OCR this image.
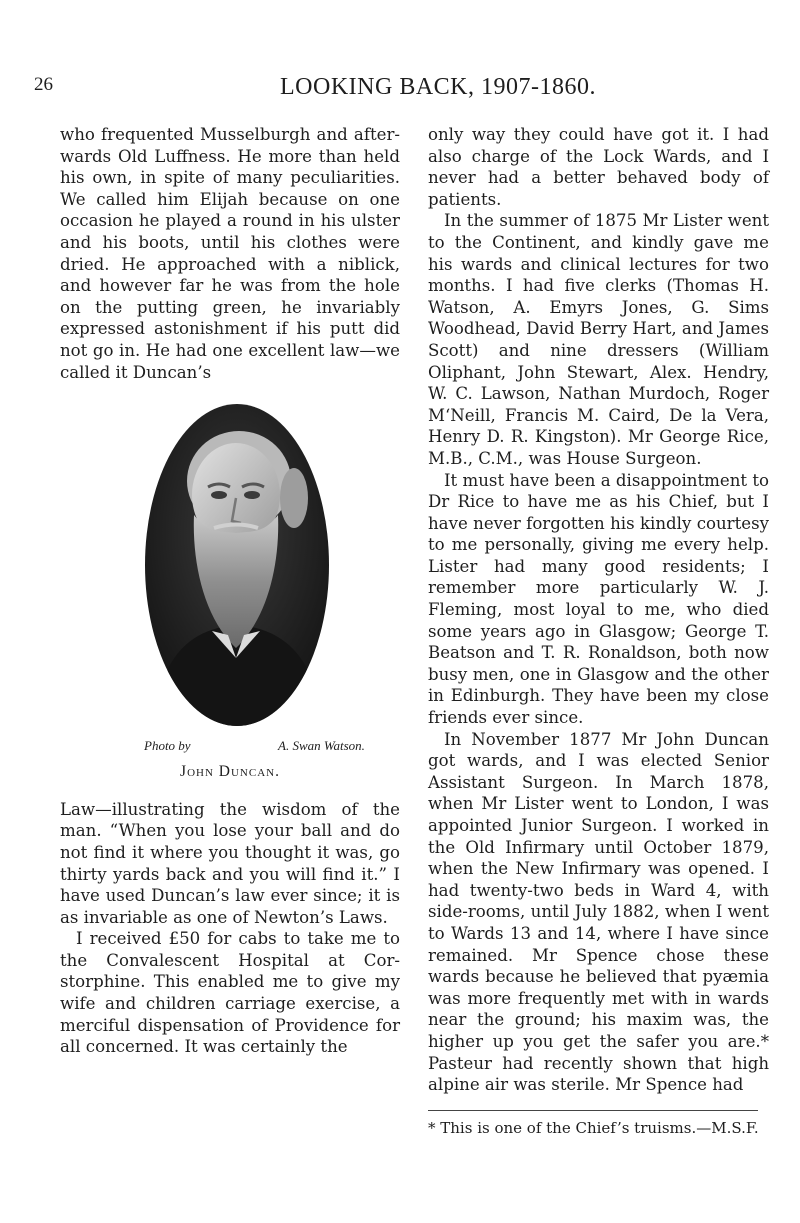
26	LOOKING BACK, 1907-1860.

who frequented Musselburgh and afterwards Old Luffness. He more than held his own, in spite of many peculiarities. We called him Elijah because on one occasion he played a round in his ulster and his boots, until his clothes were dried. He approached with a niblick, and however far he was from the hole on the putting green, he invariably expressed astonishment if his putt did not go in. He had one excellent law—we called it Duncan’s

Photo by	A. Swan Watson.
John Duncan.

Law—illustrating the wisdom of the man. “When you lose your ball and do not find it where you thought it was, go thirty yards back and you will find it.” I have used Duncan’s law ever since; it is as invariable as one of Newton’s Laws.

I received £50 for cabs to take me to the Convalescent Hospital at Corstorphine. This enabled me to give my wife and children carriage exercise, a merciful dispensation of Providence for all concerned. It was certainly the

only way they could have got it. I had also charge of the Lock Wards, and I never had a better behaved body of patients.

In the summer of 1875 Mr Lister went to the Continent, and kindly gave me his wards and clinical lectures for two months. I had five clerks (Thomas H. Watson, A. Emyrs Jones, G. Sims Woodhead, David Berry Hart, and James Scott) and nine dressers (William Oliphant, John Stewart, Alex. Hendry, W. C. Lawson, Nathan Murdoch, Roger M‘Neill, Francis M. Caird, De la Vera, Henry D. R. Kingston). Mr George Rice, M.B., C.M., was House Surgeon.

It must have been a disappointment to Dr Rice to have me as his Chief, but I have never forgotten his kindly courtesy to me personally, giving me every help. Lister had many good residents; I remember more particularly W. J. Fleming, most loyal to me, who died some years ago in Glasgow; George T. Beatson and T. R. Ronaldson, both now busy men, one in Glasgow and the other in Edinburgh. They have been my close friends ever since.

In November 1877 Mr John Duncan got wards, and I was elected Senior Assistant Surgeon. In March 1878, when Mr Lister went to London, I was appointed Junior Surgeon. I worked in the Old Infirmary until October 1879, when the New Infirmary was opened. I had twenty-two beds in Ward 4, with side-rooms, until July 1882, when I went to Wards 13 and 14, where I have since remained. Mr Spence chose these wards because he believed that pyæmia was more frequently met with in wards near the ground; his maxim was, the higher up you get the safer you are.* Pasteur had recently shown that high alpine air was sterile. Mr Spence had

* This is one of the Chief’s truisms.—M.S.F.
